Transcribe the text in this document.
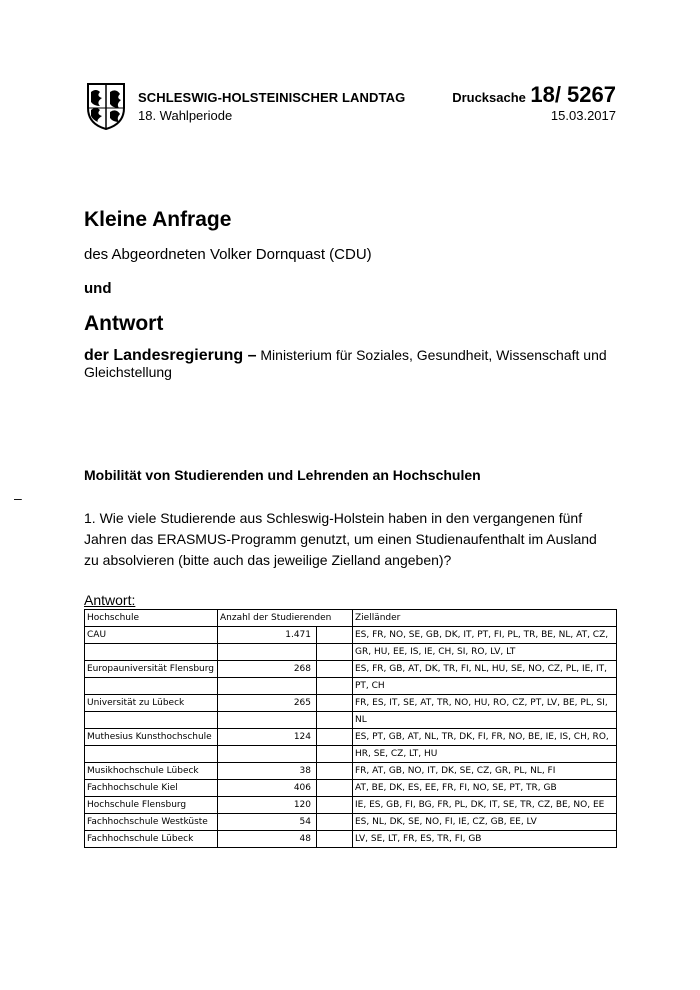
SCHLESWIG-HOLSTEINISCHER LANDTAG
18. Wahlperiode
Drucksache 18/ 5267
15.03.2017
Kleine Anfrage
des Abgeordneten Volker Dornquast (CDU)
und
Antwort
der Landesregierung – Ministerium für Soziales, Gesundheit, Wissenschaft und Gleichstellung
Mobilität von Studierenden und Lehrenden an Hochschulen
–
1. Wie viele Studierende aus Schleswig-Holstein haben in den vergangenen fünf Jahren das ERASMUS-Programm genutzt, um einen Studienaufenthalt im Ausland zu absolvieren (bitte auch das jeweilige Zielland angeben)?
Antwort:
Hochschule	Anzahl der Studierenden		Zielländer
CAU	1.471		ES, FR, NO, SE, GB, DK, IT, PT, FI, PL, TR, BE, NL, AT, CZ,
			GR, HU, EE, IS, IE, CH, SI, RO, LV, LT
Europauniversität Flensburg	268		ES, FR, GB, AT, DK, TR, FI, NL, HU, SE, NO, CZ, PL, IE, IT,
			PT, CH
Universität zu Lübeck	265		FR, ES, IT, SE, AT, TR, NO, HU, RO, CZ, PT, LV, BE, PL, SI,
			NL
Muthesius Kunsthochschule	124		ES, PT, GB, AT, NL, TR, DK, FI, FR, NO, BE, IE, IS, CH, RO,
			HR, SE, CZ, LT, HU
Musikhochschule Lübeck	38		FR, AT, GB, NO, IT, DK, SE, CZ, GR, PL, NL, FI
Fachhochschule Kiel	406		AT, BE, DK, ES, EE, FR, FI, NO, SE, PT, TR, GB
Hochschule Flensburg	120		IE, ES, GB, FI, BG, FR, PL, DK, IT, SE, TR, CZ, BE, NO, EE
Fachhochschule Westküste	54		ES, NL, DK, SE, NO, FI, IE, CZ, GB, EE, LV
Fachhochschule Lübeck	48		LV, SE, LT, FR, ES, TR, FI, GB
